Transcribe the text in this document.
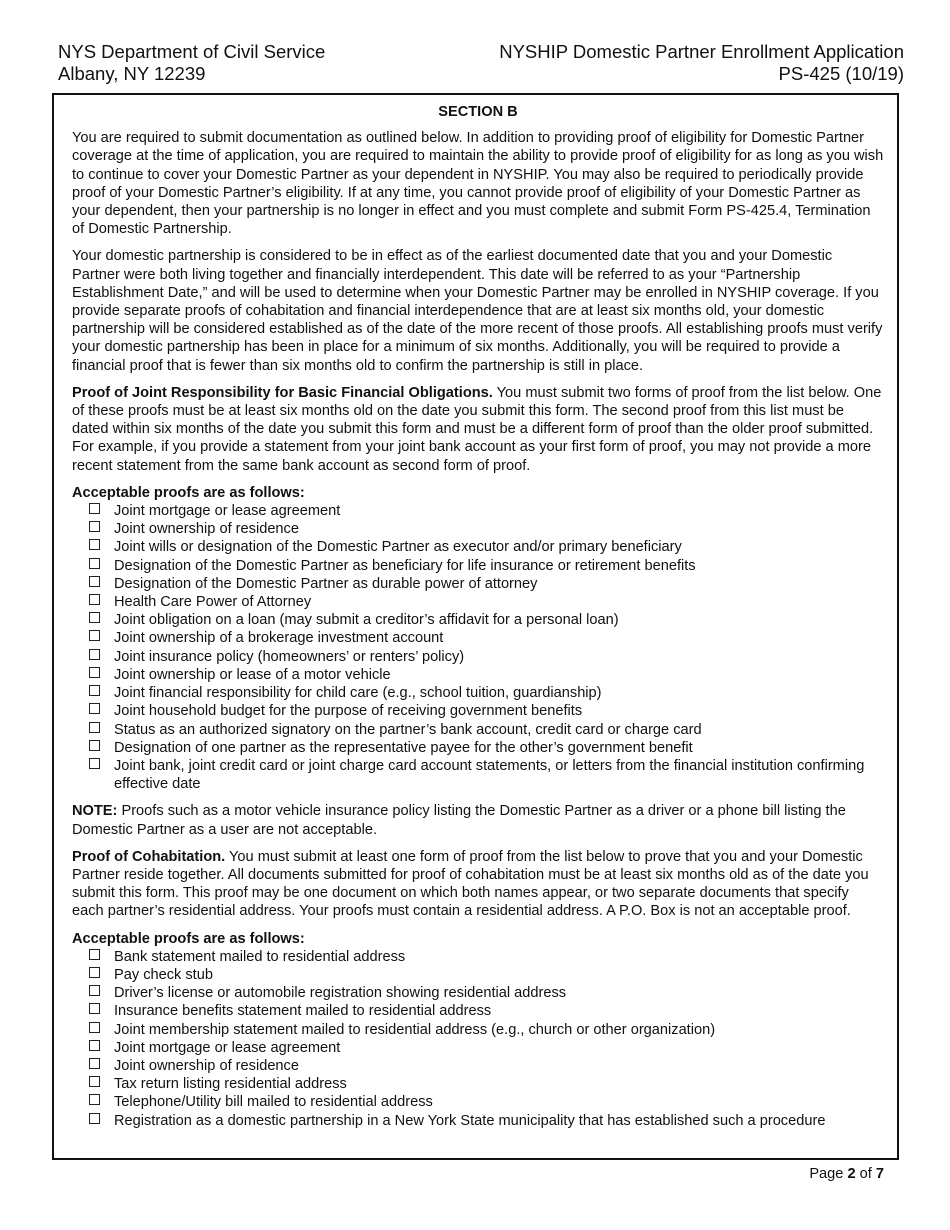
NYS Department of Civil Service
Albany, NY 12239
NYSHIP Domestic Partner Enrollment Application
PS-425 (10/19)
SECTION B

You are required to submit documentation as outlined below. In addition to providing proof of eligibility for Domestic Partner coverage at the time of application, you are required to maintain the ability to provide proof of eligibility for as long as you wish to continue to cover your Domestic Partner as your dependent in NYSHIP. You may also be required to periodically provide proof of your Domestic Partner’s eligibility. If at any time, you cannot provide proof of eligibility of your Domestic Partner as your dependent, then your partnership is no longer in effect and you must complete and submit Form PS-425.4, Termination of Domestic Partnership.

Your domestic partnership is considered to be in effect as of the earliest documented date that you and your Domestic Partner were both living together and financially interdependent. This date will be referred to as your “Partnership Establishment Date,” and will be used to determine when your Domestic Partner may be enrolled in NYSHIP coverage. If you provide separate proofs of cohabitation and financial interdependence that are at least six months old, your domestic partnership will be considered established as of the date of the more recent of those proofs. All establishing proofs must verify your domestic partnership has been in place for a minimum of six months. Additionally, you will be required to provide a financial proof that is fewer than six months old to confirm the partnership is still in place.

Proof of Joint Responsibility for Basic Financial Obligations. You must submit two forms of proof from the list below. One of these proofs must be at least six months old on the date you submit this form. The second proof from this list must be dated within six months of the date you submit this form and must be a different form of proof than the older proof submitted. For example, if you provide a statement from your joint bank account as your first form of proof, you may not provide a more recent statement from the same bank account as second form of proof.

Acceptable proofs are as follows:
Joint mortgage or lease agreement
Joint ownership of residence
Joint wills or designation of the Domestic Partner as executor and/or primary beneficiary
Designation of the Domestic Partner as beneficiary for life insurance or retirement benefits
Designation of the Domestic Partner as durable power of attorney
Health Care Power of Attorney
Joint obligation on a loan (may submit a creditor’s affidavit for a personal loan)
Joint ownership of a brokerage investment account
Joint insurance policy (homeowners’ or renters’ policy)
Joint ownership or lease of a motor vehicle
Joint financial responsibility for child care (e.g., school tuition, guardianship)
Joint household budget for the purpose of receiving government benefits
Status as an authorized signatory on the partner’s bank account, credit card or charge card
Designation of one partner as the representative payee for the other’s government benefit
Joint bank, joint credit card or joint charge card account statements, or letters from the financial institution confirming effective date

NOTE: Proofs such as a motor vehicle insurance policy listing the Domestic Partner as a driver or a phone bill listing the Domestic Partner as a user are not acceptable.

Proof of Cohabitation. You must submit at least one form of proof from the list below to prove that you and your Domestic Partner reside together. All documents submitted for proof of cohabitation must be at least six months old as of the date you submit this form. This proof may be one document on which both names appear, or two separate documents that specify each partner’s residential address. Your proofs must contain a residential address. A P.O. Box is not an acceptable proof.

Acceptable proofs are as follows:
Bank statement mailed to residential address
Pay check stub
Driver’s license or automobile registration showing residential address
Insurance benefits statement mailed to residential address
Joint membership statement mailed to residential address (e.g., church or other organization)
Joint mortgage or lease agreement
Joint ownership of residence
Tax return listing residential address
Telephone/Utility bill mailed to residential address
Registration as a domestic partnership in a New York State municipality that has established such a procedure
Page 2 of 7
